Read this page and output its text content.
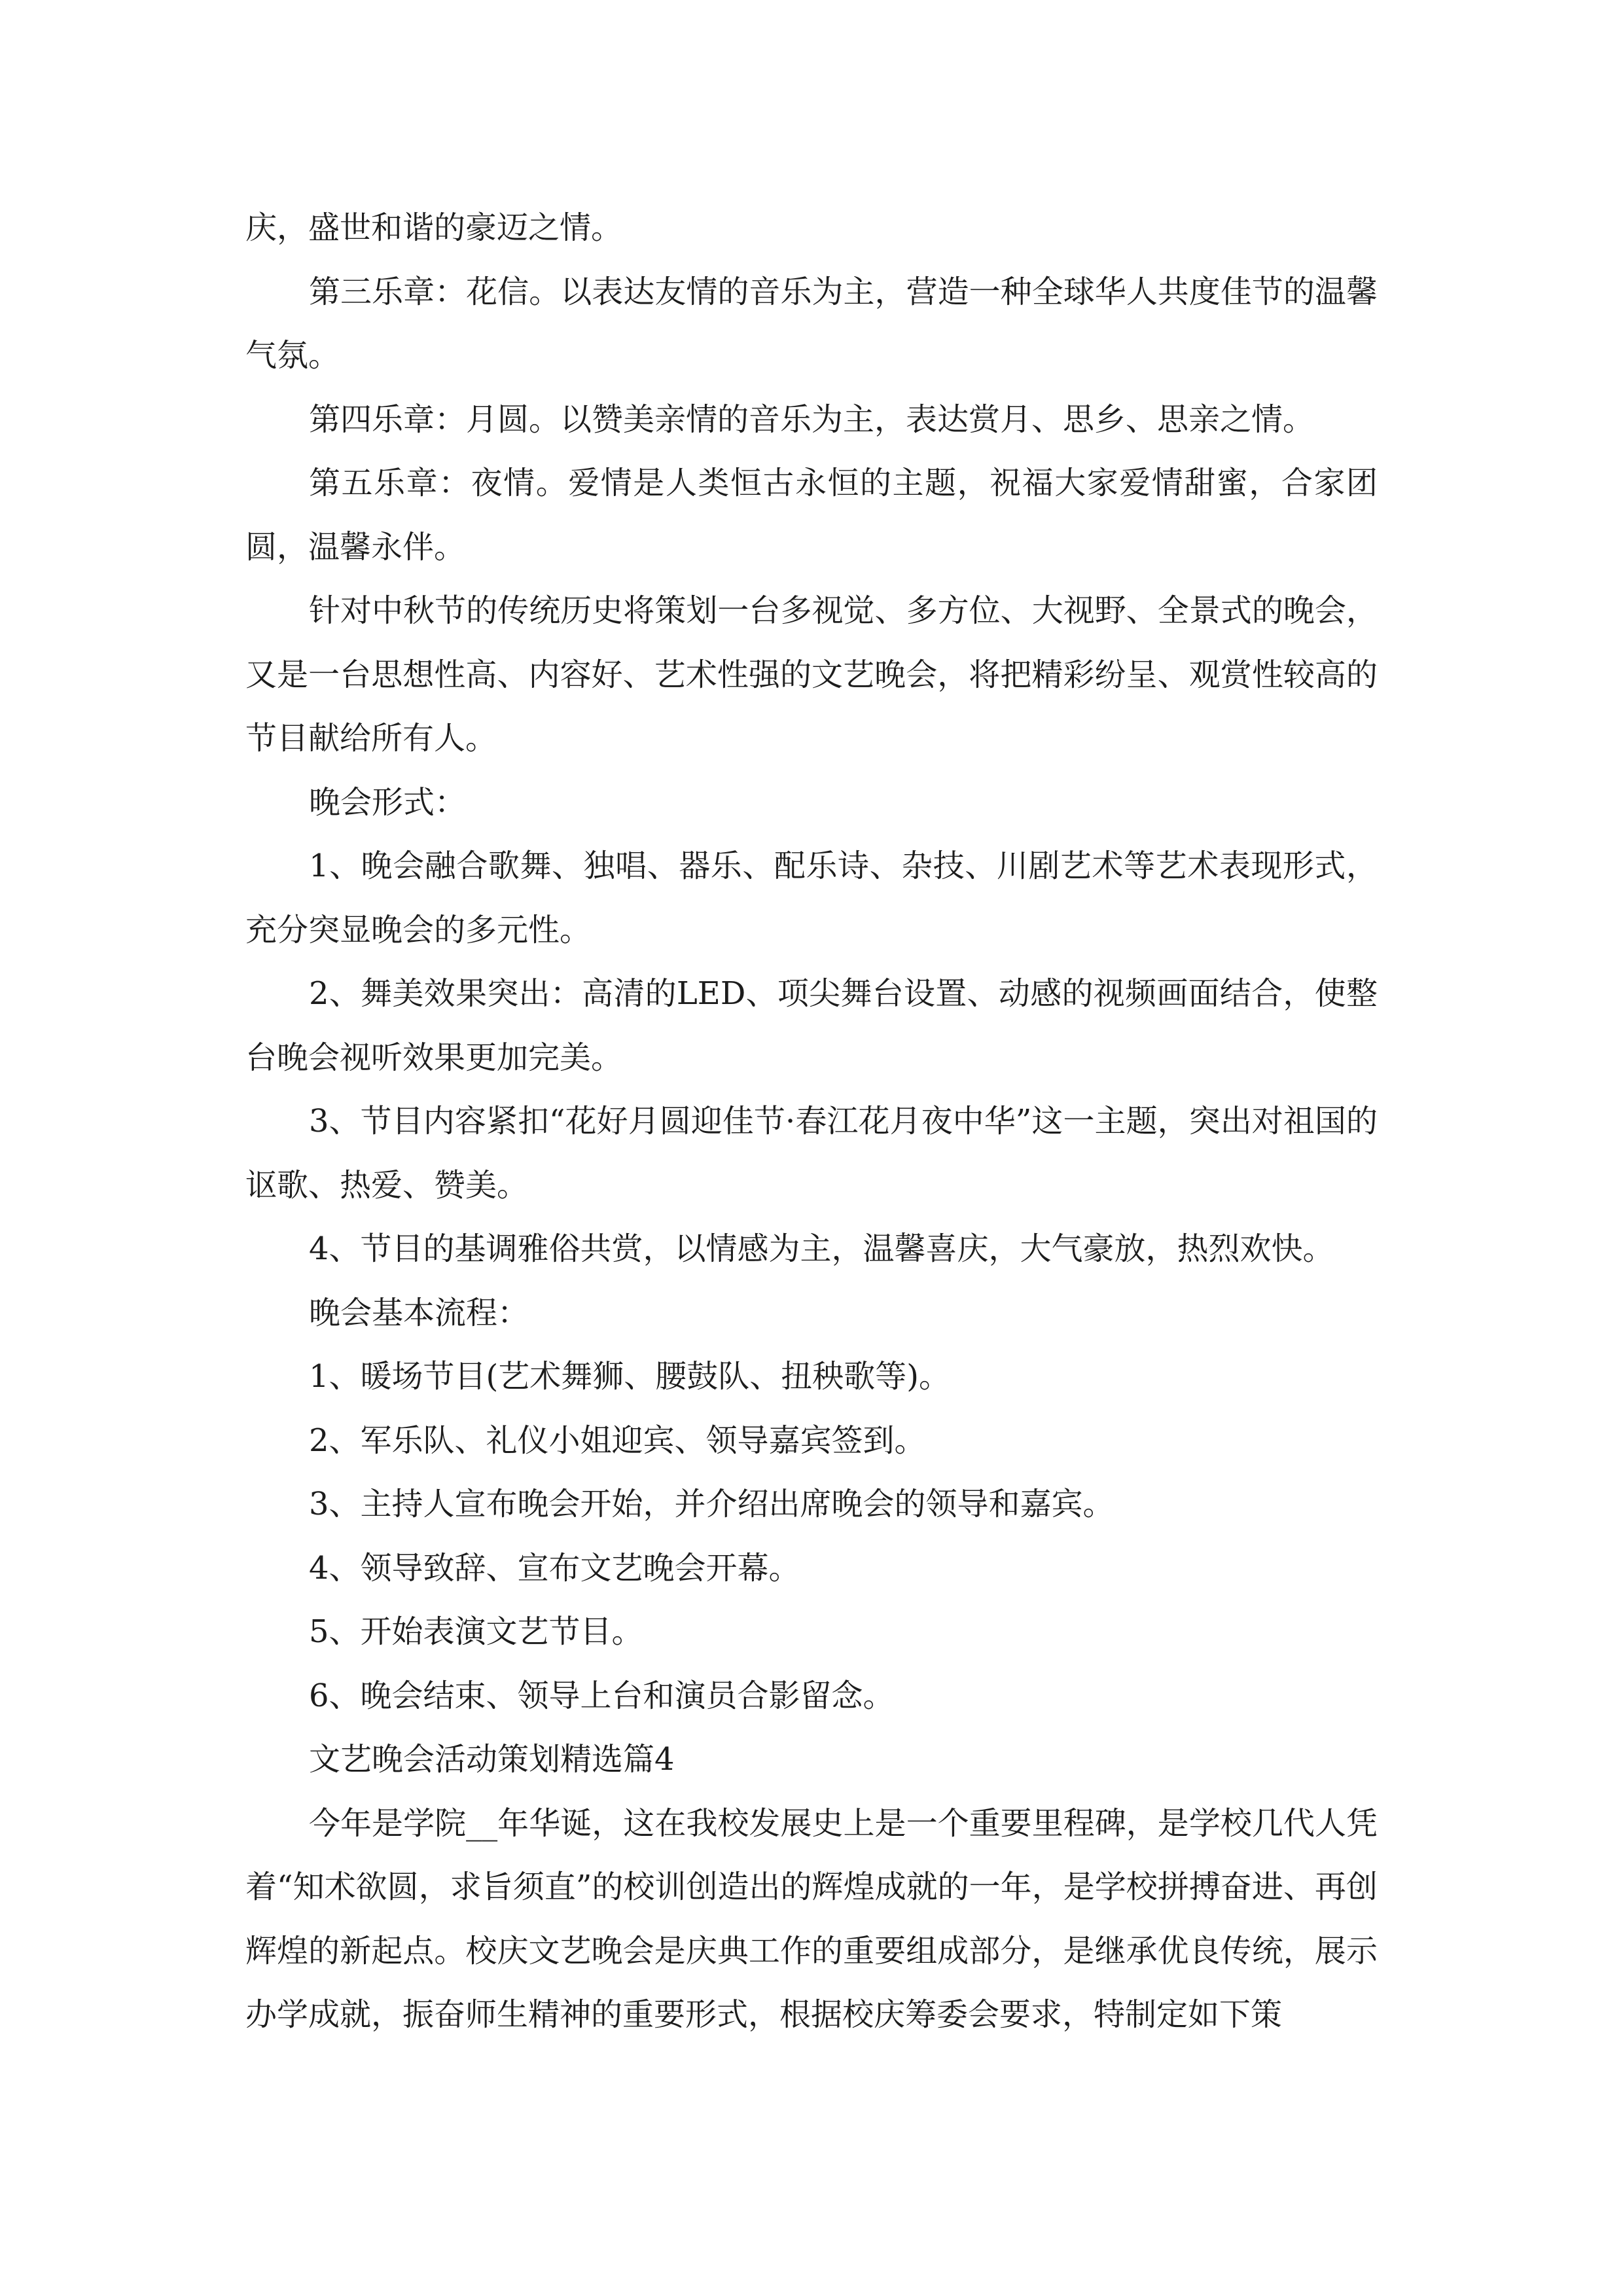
庆，盛世和谐的豪迈之情。

第三乐章：花信。以表达友情的音乐为主，营造一种全球华人共度佳节的温馨气氛。

第四乐章：月圆。以赞美亲情的音乐为主，表达赏月、思乡、思亲之情。

第五乐章：夜情。爱情是人类恒古永恒的主题，祝福大家爱情甜蜜，合家团圆，温馨永伴。

针对中秋节的传统历史将策划一台多视觉、多方位、大视野、全景式的晚会，又是一台思想性高、内容好、艺术性强的文艺晚会，将把精彩纷呈、观赏性较高的节目献给所有人。

晚会形式：

1、晚会融合歌舞、独唱、器乐、配乐诗、杂技、川剧艺术等艺术表现形式，充分突显晚会的多元性。

2、舞美效果突出：高清的LED、项尖舞台设置、动感的视频画面结合，使整台晚会视听效果更加完美。

3、节目内容紧扣“花好月圆迎佳节·春江花月夜中华”这一主题，突出对祖国的讴歌、热爱、赞美。

4、节目的基调雅俗共赏，以情感为主，温馨喜庆，大气豪放，热烈欢快。

晚会基本流程：

1、暖场节目(艺术舞狮、腰鼓队、扭秧歌等)。

2、军乐队、礼仪小姐迎宾、领导嘉宾签到。

3、主持人宣布晚会开始，并介绍出席晚会的领导和嘉宾。

4、领导致辞、宣布文艺晚会开幕。

5、开始表演文艺节目。

6、晚会结束、领导上台和演员合影留念。

文艺晚会活动策划精选篇4

今年是学院__年华诞，这在我校发展史上是一个重要里程碑，是学校几代人凭着“知术欲圆，求旨须直”的校训创造出的辉煌成就的一年，是学校拼搏奋进、再创辉煌的新起点。校庆文艺晚会是庆典工作的重要组成部分，是继承优良传统，展示办学成就，振奋师生精神的重要形式，根据校庆筹委会要求，特制定如下策
